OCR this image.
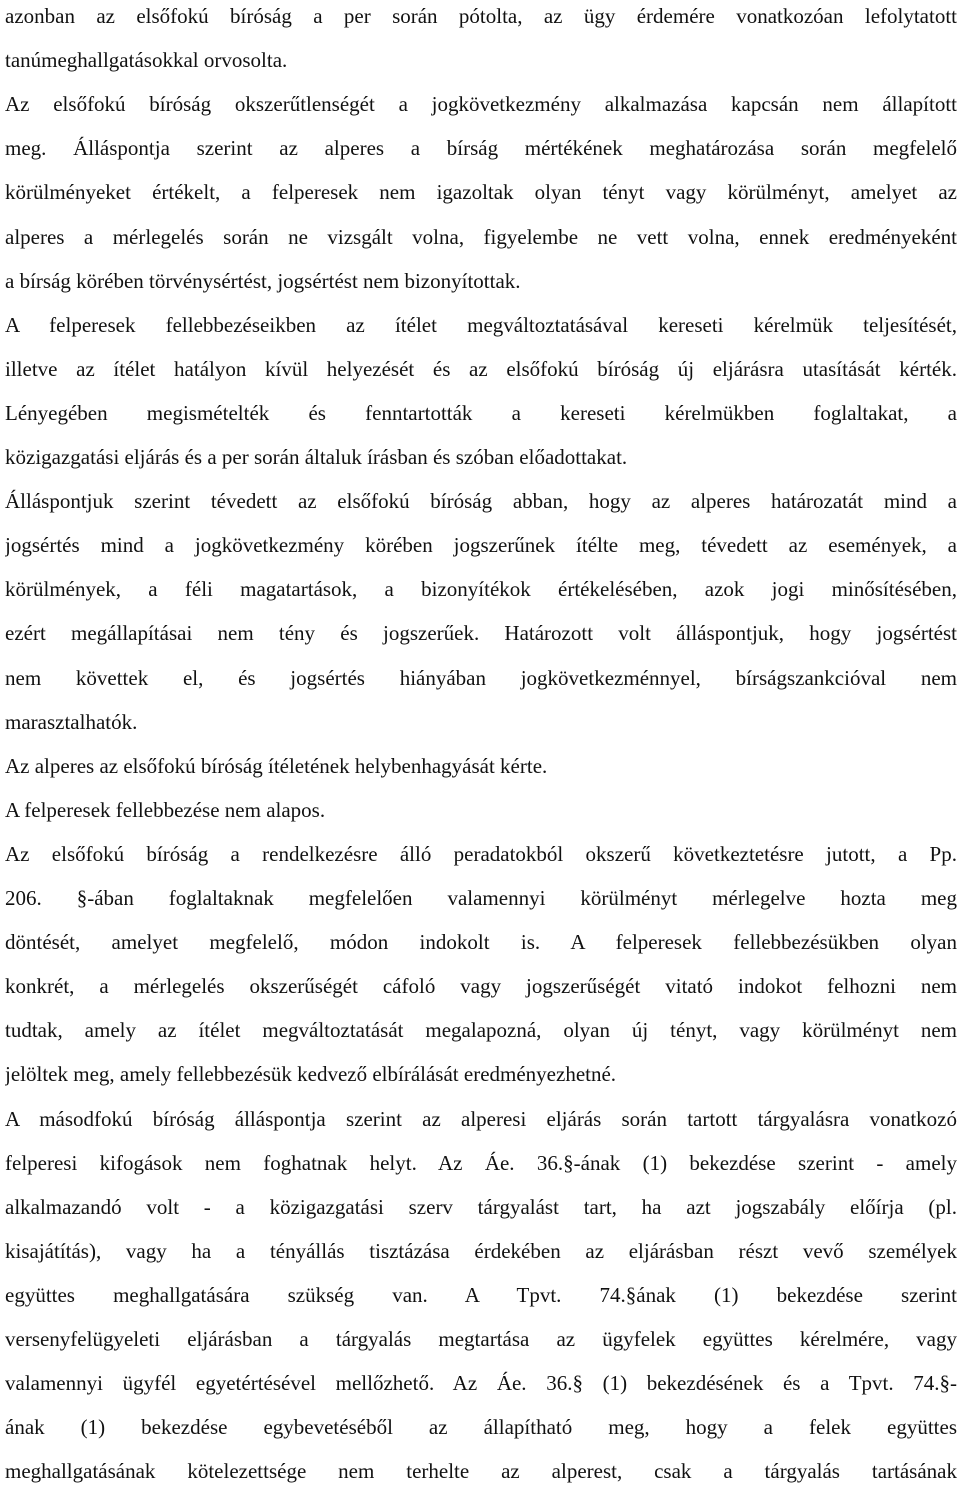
azonban az elsőfokú bíróság a per során pótolta, az ügy érdemére vonatkozóan lefolytatott
tanúmeghallgatásokkal orvosolta.
Az elsőfokú bíróság okszerűtlenségét a jogkövetkezmény alkalmazása kapcsán nem állapított
meg. Álláspontja szerint az alperes a bírság mértékének meghatározása során megfelelő
körülményeket értékelt, a felperesek nem igazoltak olyan tényt vagy körülményt, amelyet az
alperes a mérlegelés során ne vizsgált volna, figyelembe ne vett volna, ennek eredményeként
a bírság körében törvénysértést, jogsértést nem bizonyítottak.
A felperesek fellebbezéseikben az ítélet megváltoztatásával kereseti kérelmük teljesítését,
illetve az ítélet hatályon kívül helyezését és az elsőfokú bíróság új eljárásra utasítását kérték.
Lényegében megismételték és fenntartották a kereseti kérelmükben foglaltakat, a
közigazgatási eljárás és a per során általuk írásban és szóban előadottakat.
Álláspontjuk szerint tévedett az elsőfokú bíróság abban, hogy az alperes határozatát mind a
jogsértés mind a jogkövetkezmény körében jogszerűnek ítélte meg, tévedett az események, a
körülmények, a féli magatartások, a bizonyítékok értékelésében, azok jogi minősítésében,
ezért megállapításai nem tény és jogszerűek. Határozott volt álláspontjuk, hogy jogsértést
nem követtek el, és jogsértés hiányában jogkövetkezménnyel, bírságszankcióval nem
marasztalhatók.
Az alperes az elsőfokú bíróság ítéletének helybenhagyását kérte.
A felperesek fellebbezése nem alapos.
Az elsőfokú bíróság a rendelkezésre álló peradatokból okszerű következtetésre jutott, a Pp.
206. §-ában foglaltaknak megfelelően valamennyi körülményt mérlegelve hozta meg
döntését, amelyet megfelelő, módon indokolt is. A felperesek fellebbezésükben olyan
konkrét, a mérlegelés okszerűségét cáfoló vagy jogszerűségét vitató indokot felhozni nem
tudtak, amely az ítélet megváltoztatását megalapozná, olyan új tényt, vagy körülményt nem
jelöltek meg, amely fellebbezésük kedvező elbírálását eredményezhetné.
A másodfokú bíróság álláspontja szerint az alperesi eljárás során tartott tárgyalásra vonatkozó
felperesi kifogások nem foghatnak helyt. Az Áe. 36.§-ának (1) bekezdése szerint - amely
alkalmazandó volt - a közigazgatási szerv tárgyalást tart, ha azt jogszabály előírja (pl.
kisajátítás), vagy ha a tényállás tisztázása érdekében az eljárásban részt vevő személyek
együttes meghallgatására szükség van. A Tpvt. 74.§ának (1) bekezdése szerint
versenyfelügyeleti eljárásban a tárgyalás megtartása az ügyfelek együttes kérelmére, vagy
valamennyi ügyfél egyetértésével mellőzhető. Az Áe. 36.§ (1) bekezdésének és a Tpvt. 74.§-
ának (1) bekezdése egybevetéséből az állapítható meg, hogy a felek együttes
meghallgatásának kötelezettsége nem terhelte az alperest, csak a tárgyalás tartásának
